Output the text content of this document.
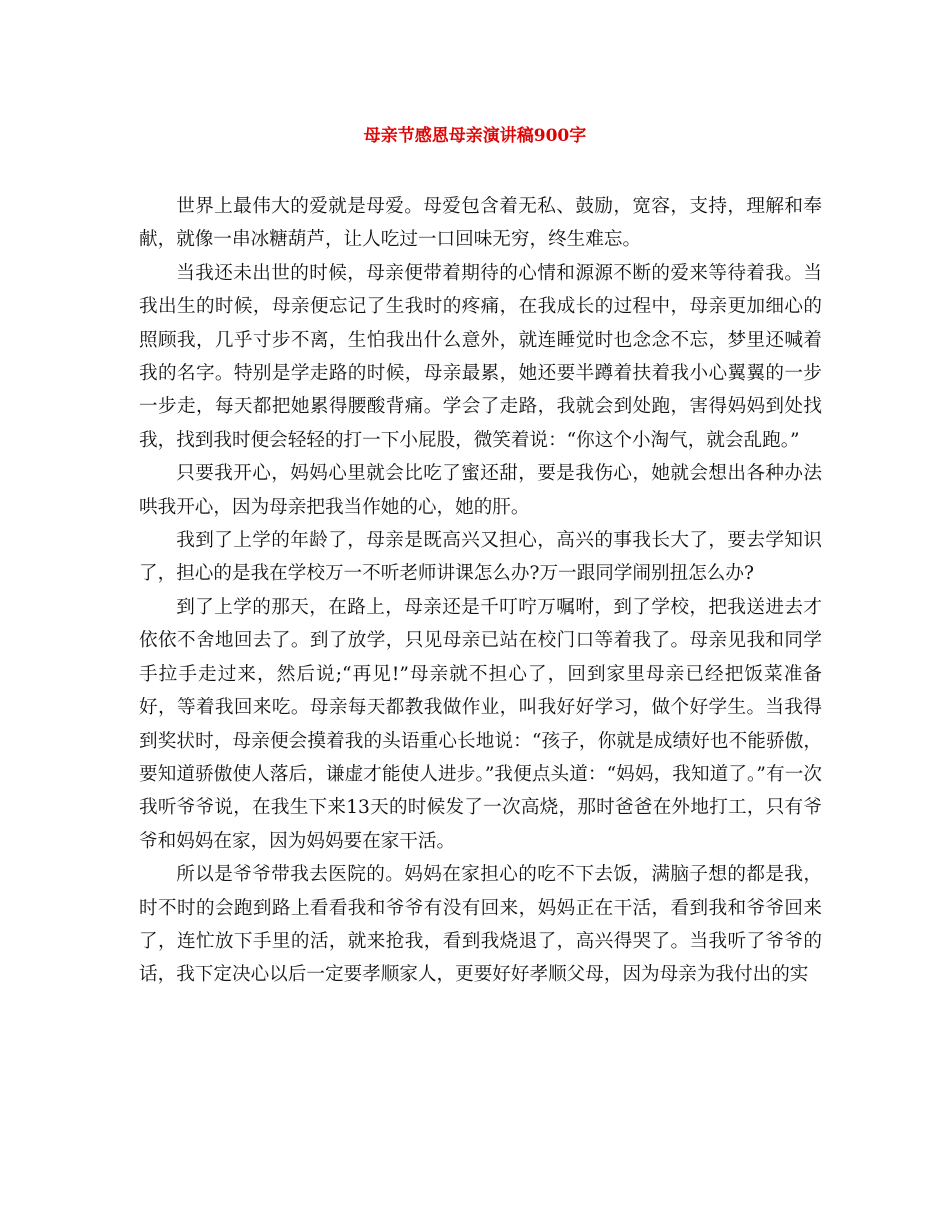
母亲节感恩母亲演讲稿900字

世界上最伟大的爱就是母爱。母爱包含着无私、鼓励，宽容，支持，理解和奉献，就像一串冰糖葫芦，让人吃过一口回味无穷，终生难忘。

当我还未出世的时候，母亲便带着期待的心情和源源不断的爱来等待着我。当我出生的时候，母亲便忘记了生我时的疼痛，在我成长的过程中，母亲更加细心的照顾我，几乎寸步不离，生怕我出什么意外，就连睡觉时也念念不忘，梦里还喊着我的名字。特别是学走路的时候，母亲最累，她还要半蹲着扶着我小心翼翼的一步一步走，每天都把她累得腰酸背痛。学会了走路，我就会到处跑，害得妈妈到处找我，找到我时便会轻轻的打一下小屁股，微笑着说：“你这个小淘气，就会乱跑。”

只要我开心，妈妈心里就会比吃了蜜还甜，要是我伤心，她就会想出各种办法哄我开心，因为母亲把我当作她的心，她的肝。

我到了上学的年龄了，母亲是既高兴又担心，高兴的事我长大了，要去学知识了，担心的是我在学校万一不听老师讲课怎么办?万一跟同学闹别扭怎么办?

到了上学的那天，在路上，母亲还是千叮咛万嘱咐，到了学校，把我送进去才依依不舍地回去了。到了放学，只见母亲已站在校门口等着我了。母亲见我和同学手拉手走过来，然后说;“再见!”母亲就不担心了，回到家里母亲已经把饭菜准备好，等着我回来吃。母亲每天都教我做作业，叫我好好学习，做个好学生。当我得到奖状时，母亲便会摸着我的头语重心长地说：“孩子，你就是成绩好也不能骄傲，要知道骄傲使人落后，谦虚才能使人进步。”我便点头道：“妈妈，我知道了。”有一次我听爷爷说，在我生下来13天的时候发了一次高烧，那时爸爸在外地打工，只有爷爷和妈妈在家，因为妈妈要在家干活。

所以是爷爷带我去医院的。妈妈在家担心的吃不下去饭，满脑子想的都是我，时不时的会跑到路上看看我和爷爷有没有回来，妈妈正在干活，看到我和爷爷回来了，连忙放下手里的活，就来抢我，看到我烧退了，高兴得哭了。当我听了爷爷的话，我下定决心以后一定要孝顺家人，更要好好孝顺父母，因为母亲为我付出的实
